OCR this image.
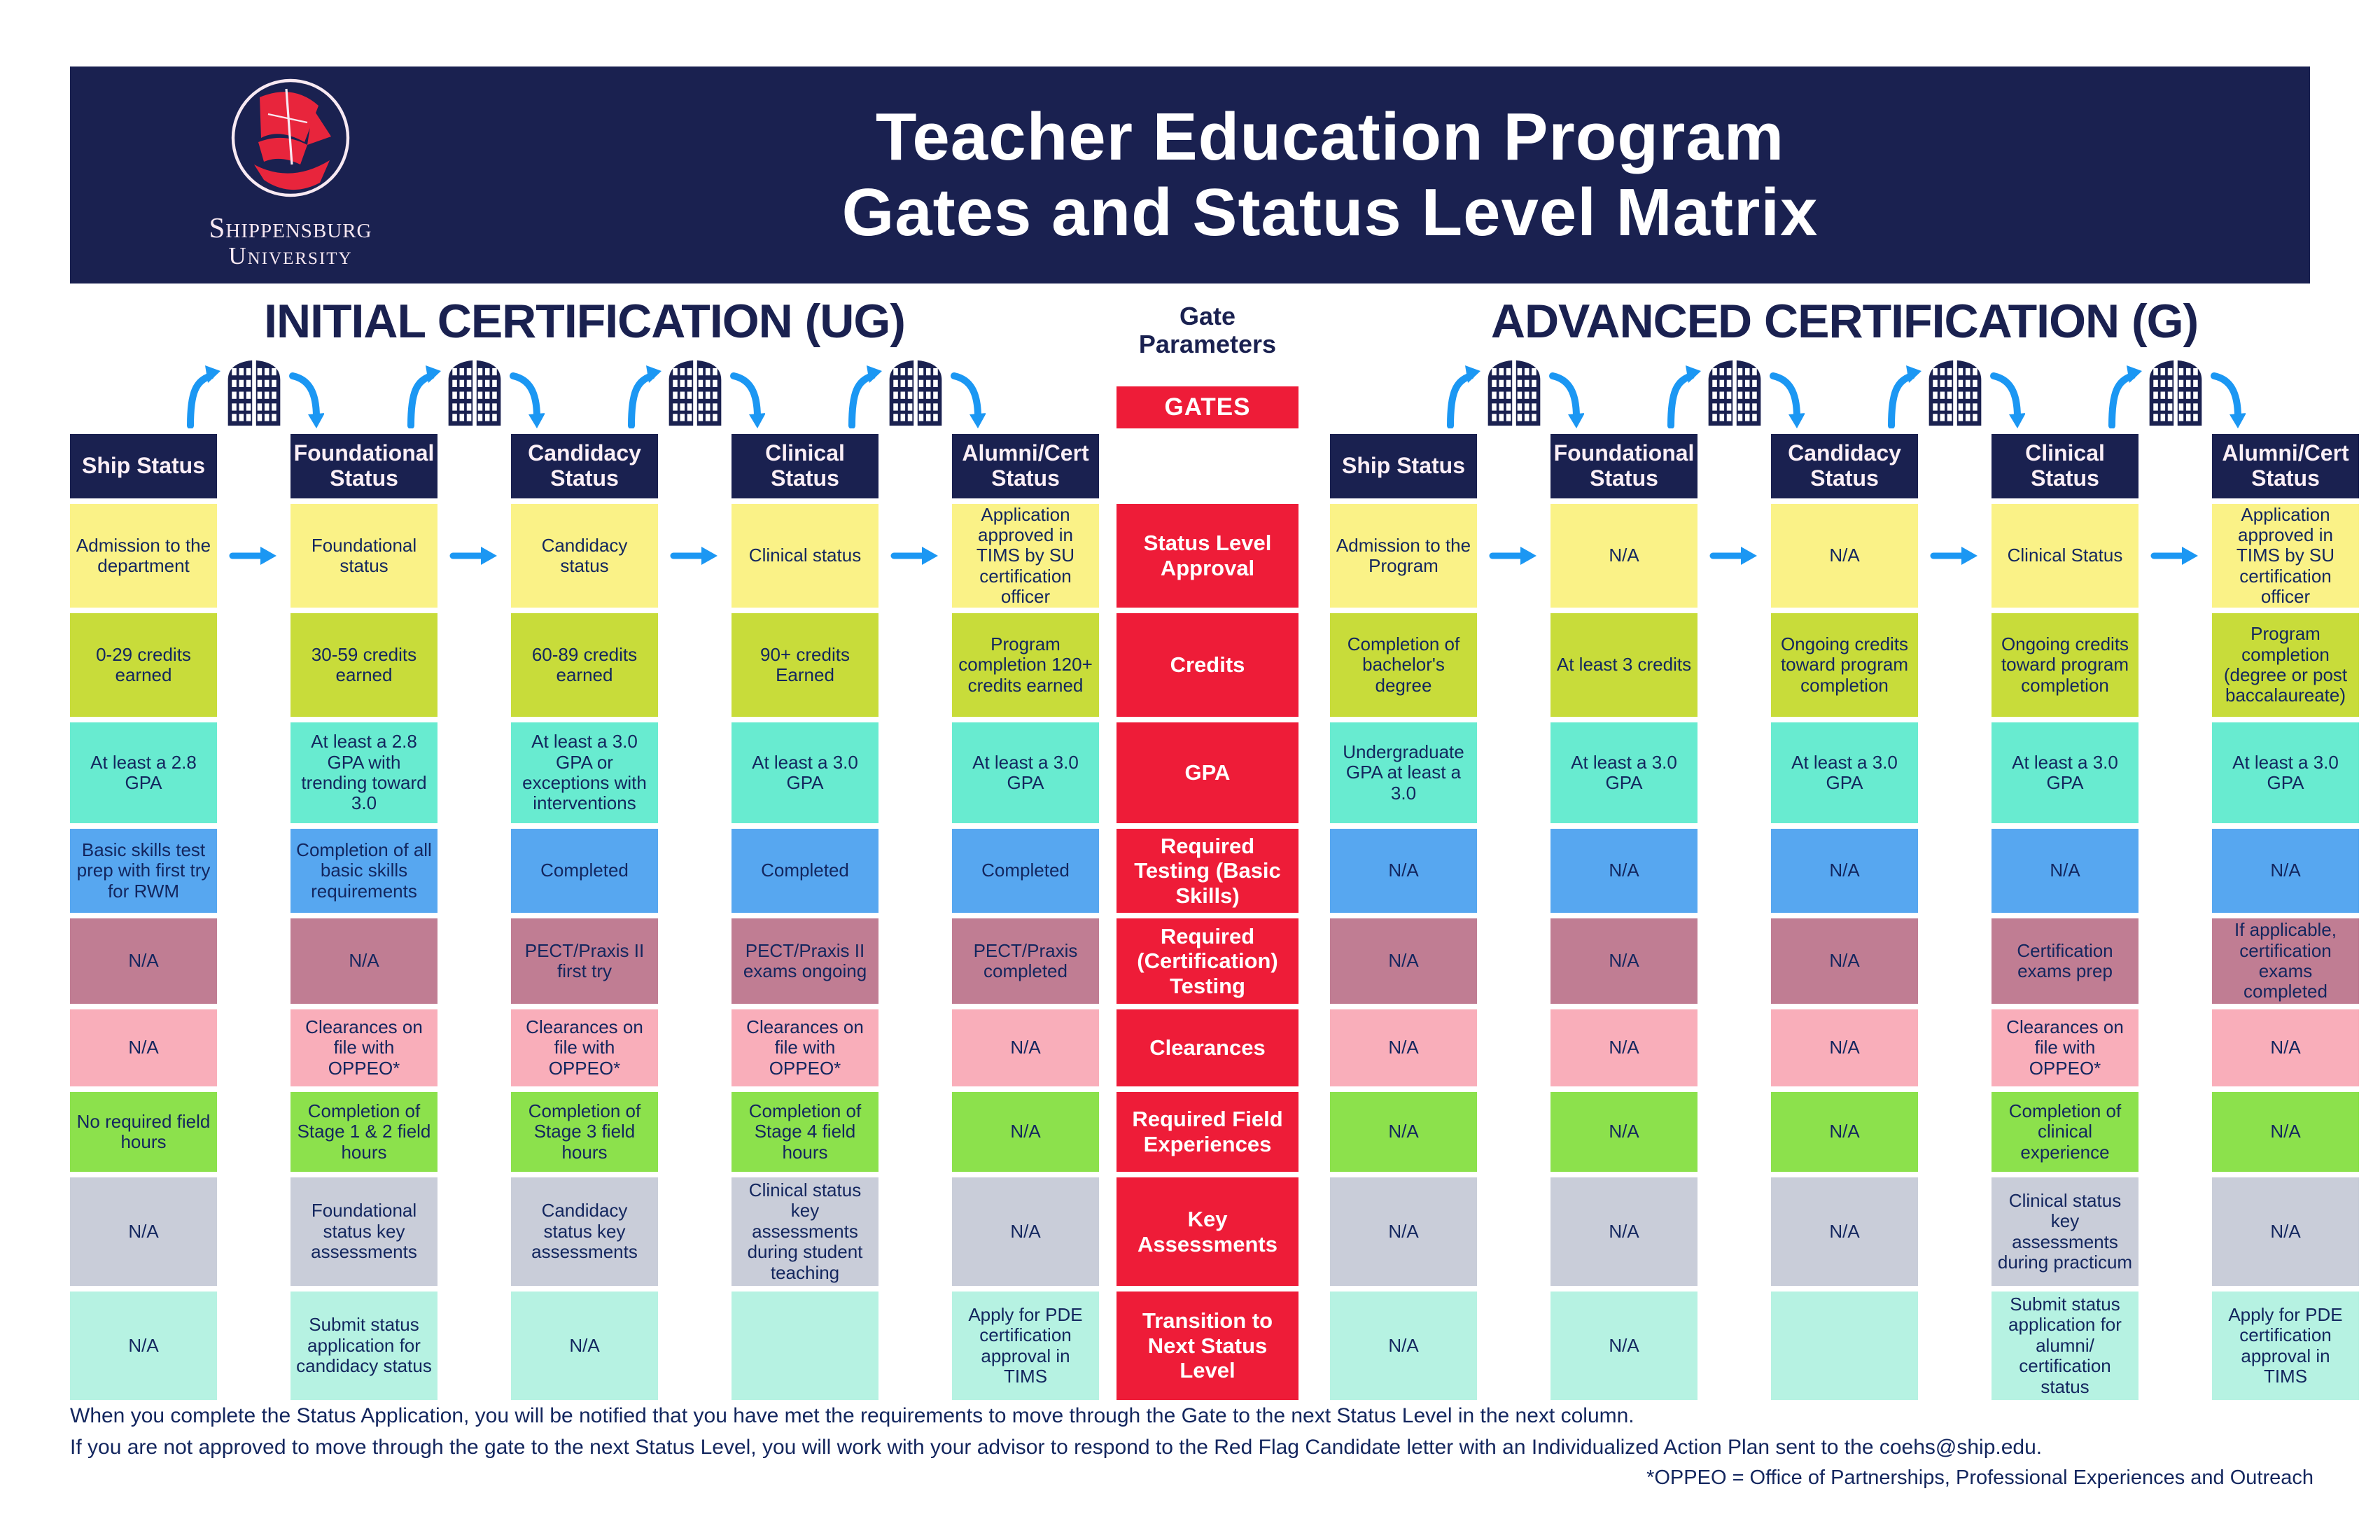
Shippensburg
University
Teacher Education Program
Gates and Status Level Matrix
INITIAL CERTIFICATION (UG)	ADVANCED CERTIFICATION (G)
Gate Parameters
Ship Status
Admission to the department
0-29 credits earned
At least a 2.8 GPA
Basic skills test prep with first try for RWM
N/A
N/A
No required field hours
N/A
N/A
Foundational Status
Foundational status
30-59 credits earned
At least a 2.8 GPA with trending toward 3.0
Completion of all basic skills requirements
N/A
Clearances on file with OPPEO*
Completion of Stage 1 & 2 field hours
Foundational status key assessments
Submit status application for candidacy status
Candidacy Status
Candidacy status
60-89 credits earned
At least a 3.0 GPA or exceptions with interventions
Completed
PECT/Praxis II first try
Clearances on file with OPPEO*
Completion of Stage 3 field hours
Candidacy status key assessments
N/A
Clinical Status
Clinical status
90+ credits Earned
At least a 3.0 GPA
Completed
PECT/Praxis II exams ongoing
Clearances on file with OPPEO*
Completion of Stage 4 field hours
Clinical status key assessments during student teaching
Alumni/Cert Status
Application approved in TIMS by SU certification officer
Program completion 120+ credits earned
At least a 3.0 GPA
Completed
PECT/Praxis completed
N/A
N/A
N/A
Apply for PDE certification approval in TIMS
Ship Status
Admission to the Program
Completion of bachelor's degree
Undergraduate GPA at least a 3.0
N/A
N/A
N/A
N/A
N/A
N/A
Foundational Status
N/A
At least 3 credits
At least a 3.0 GPA
N/A
N/A
N/A
N/A
N/A
N/A
Candidacy Status
N/A
Ongoing credits toward program completion
At least a 3.0 GPA
N/A
N/A
N/A
N/A
N/A
Clinical Status
Clinical Status
Ongoing credits toward program completion
At least a 3.0 GPA
N/A
Certification exams prep
Clearances on file with OPPEO*
Completion of clinical experience
Clinical status key assessments during practicum
Submit status application for alumni/ certification status
Alumni/Cert Status
Application approved in TIMS by SU certification officer
Program completion (degree or post baccalaureate)
At least a 3.0 GPA
N/A
If applicable, certification exams completed
N/A
N/A
N/A
Apply for PDE certification approval in TIMS
GATES
Status Level Approval
Credits
GPA
Required Testing (Basic Skills)
Required (Certification) Testing
Clearances
Required Field Experiences
Key Assessments
Transition to Next Status Level
When you complete the Status Application, you will be notified that you have met the requirements to move through the Gate to the next Status Level in the next column.
If you are not approved to move through the gate to the next Status Level, you will work with your advisor to respond to the Red Flag Candidate letter with an Individualized Action Plan sent to the coehs@ship.edu.
*OPPEO = Office of Partnerships, Professional Experiences and Outreach
